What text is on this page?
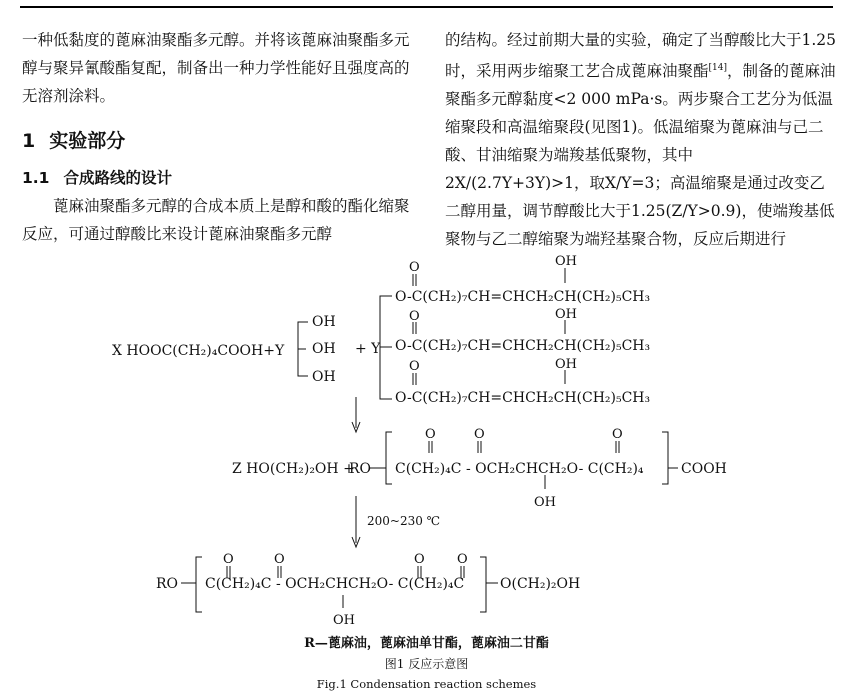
一种低黏度的蓖麻油聚酯多元醇。并将该蓖麻油聚酯多元醇与聚异氰酸酯复配，制备出一种力学性能好且强度高的无溶剂涂料。

1 实验部分

1.1 合成路线的设计

蓖麻油聚酯多元醇的合成本质上是醇和酸的酯化缩聚反应，可通过醇酸比来设计蓖麻油聚酯多元醇

的结构。经过前期大量的实验，确定了当醇酸比大于1.25时，采用两步缩聚工艺合成蓖麻油聚酯[14]，制备的蓖麻油聚酯多元醇黏度<2 000 mPa·s。两步聚合工艺分为低温缩聚段和高温缩聚段(见图1)。低温缩聚为蓖麻油与己二酸、甘油缩聚为端羧基低聚物，其中2X/(2.7Y+3Y)>1，取X/Y=3；高温缩聚是通过改变乙二醇用量，调节醇酸比大于1.25(Z/Y>0.9)，使端羧基低聚物与乙二醇缩聚为端羟基聚合物，反应后期进行

X HOOC(CH₂)₄COOH+Y
OH
OH
OH
+ Y
O	OH
O-C(CH₂)₇CH=CHCH₂CH(CH₂)₅CH₃
O	OH
O-C(CH₂)₇CH=CHCH₂CH(CH₂)₅CH₃
O	OH
O-C(CH₂)₇CH=CHCH₂CH(CH₂)₅CH₃
Z HO(CH₂)₂OH +
RO
O	O	O
C(CH₂)₄C - OCH₂CHCH₂O- C(CH₂)₄
OH
COOH
200~230 ℃
RO
O	O	O O
C(CH₂)₄C - OCH₂CHCH₂O- C(CH₂)₄C
OH
O(CH₂)₂OH
R—蓖麻油，蓖麻油单甘酯，蓖麻油二甘酯
图1 反应示意图
Fig.1 Condensation reaction schemes
